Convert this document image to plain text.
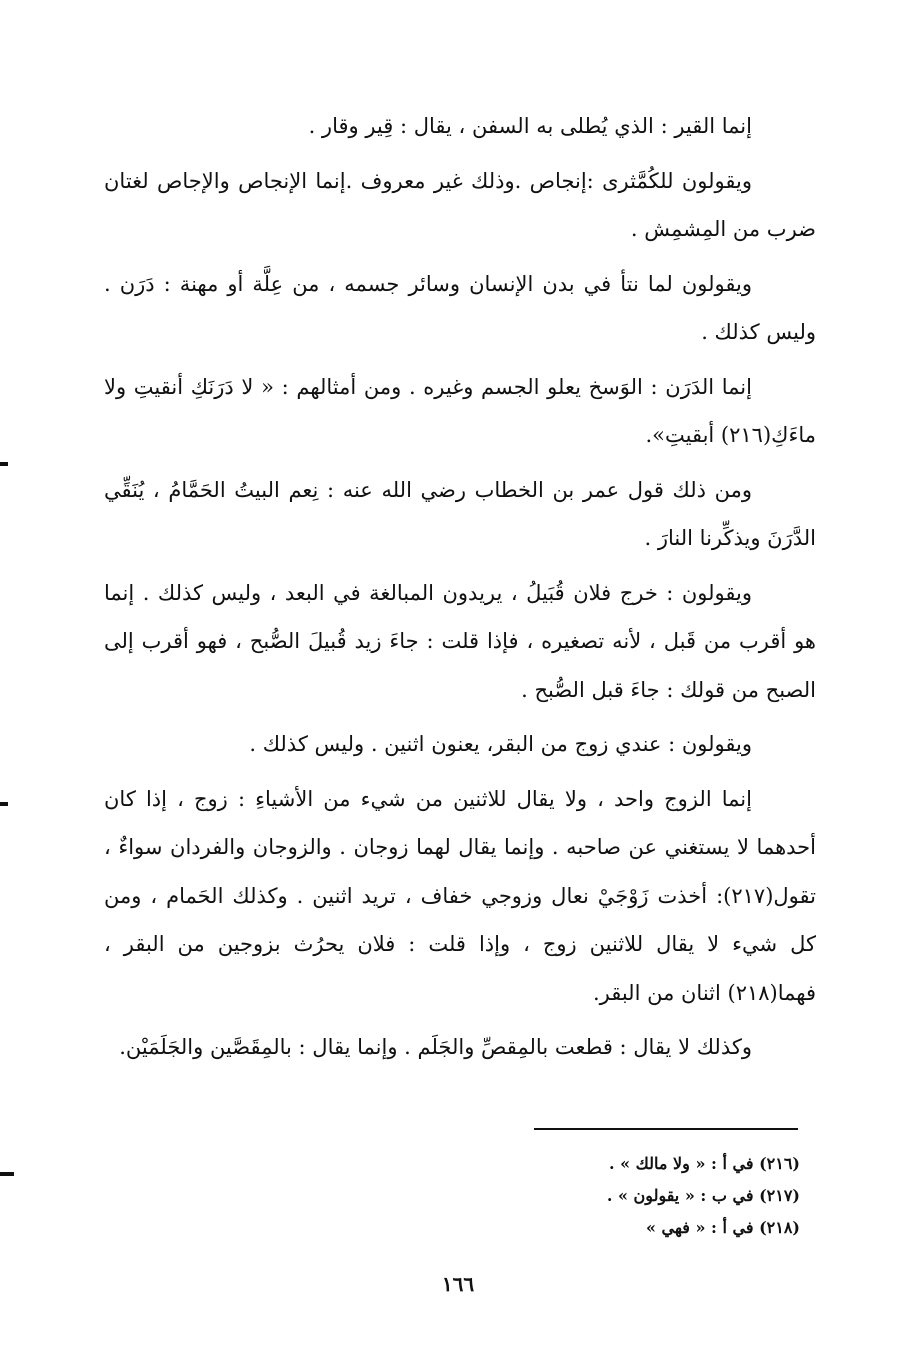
إنما القير : الذي يُطلى به السفن ، يقال : قِير وقار .

ويقولون للكُمَّثرى :إنجاص .وذلك غير معروف .إنما الإنجاص والإجاص لغتان ضرب من المِشمِش .

ويقولون لما نتأ في بدن الإنسان وسائر جسمه ، من عِلَّة أو مهنة : دَرَن . وليس كذلك .

إنما الدَرَن : الوَسخ يعلو الجسم وغيره . ومن أمثالهم : « لا دَرَنَكِ أنقيتِ ولا ماءَكِ(٢١٦) أبقيتِ».

ومن ذلك قول عمر بن الخطاب رضي الله عنه : نِعم البيتُ الحَمَّامُ ، يُنَقِّي الدَّرَنَ ويذكِّرنا النارَ .

ويقولون : خرج فلان قُبَيلُ ، يريدون المبالغة في البعد ، وليس كذلك . إنما هو أقرب من قَبل ، لأنه تصغيره ، فإذا قلت : جاءَ زيد قُبيلَ الصُّبح ، فهو أقرب إلى الصبح من قولك : جاءَ قبل الصُّبح .

ويقولون : عندي زوج من البقر، يعنون اثنين . وليس كذلك .

إنما الزوج واحد ، ولا يقال للاثنين من شيء من الأشياءِ : زوج ، إذا كان أحدهما لا يستغني عن صاحبه . وإنما يقال لهما زوجان . والزوجان والفردان سواءٌ ، تقول(٢١٧): أخذت زَوْجَيْ نعال وزوجي خفاف ، تريد اثنين . وكذلك الحَمام ، ومن كل شيء لا يقال للاثنين زوج ، وإذا قلت : فلان يحرُث بزوجين من البقر ، فهما(٢١٨) اثنان من البقر.

وكذلك لا يقال : قطعت بالمِقصِّ والجَلَم . وإنما يقال : بالمِقَصَّين والجَلَمَيْن.

(٢١٦) في أ : « ولا مالك » .

(٢١٧) في ب : « يقولون » .

(٢١٨) في أ : « فهي »

١٦٦
